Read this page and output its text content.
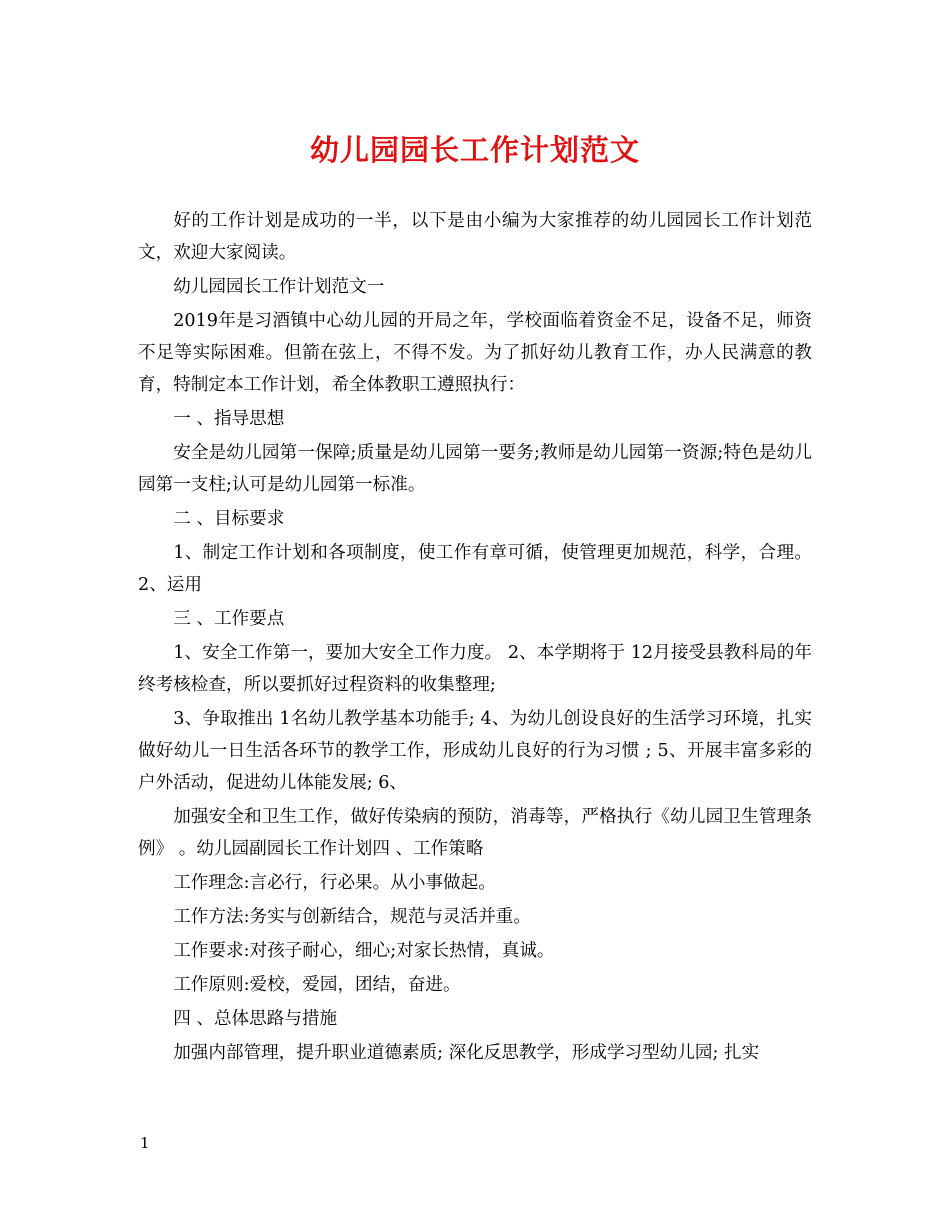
幼儿园园长工作计划范文

好的工作计划是成功的一半，以下是由小编为大家推荐的幼儿园园长工作计划范文，欢迎大家阅读。

幼儿园园长工作计划范文一

2019年是习酒镇中心幼儿园的开局之年，学校面临着资金不足，设备不足，师资不足等实际困难。但箭在弦上，不得不发。为了抓好幼儿教育工作，办人民满意的教育，特制定本工作计划，希全体教职工遵照执行：

一 、指导思想

安全是幼儿园第一保障;质量是幼儿园第一要务;教师是幼儿园第一资源;特色是幼儿园第一支柱;认可是幼儿园第一标准。

二 、目标要求

1、制定工作计划和各项制度，使工作有章可循，使管理更加规范，科学，合理。 2、运用

三 、工作要点

1、安全工作第一，要加大安全工作力度。 2、本学期将于 12月接受县教科局的年终考核检查，所以要抓好过程资料的收集整理;

3、争取推出 1名幼儿教学基本功能手; 4、为幼儿创设良好的生活学习环境，扎实做好幼儿一日生活各环节的教学工作，形成幼儿良好的行为习惯 ; 5、开展丰富多彩的户外活动，促进幼儿体能发展; 6、

加强安全和卫生工作，做好传染病的预防，消毒等，严格执行《幼儿园卫生管理条例》 。幼儿园副园长工作计划四 、工作策略

工作理念:言必行，行必果。从小事做起。

工作方法:务实与创新结合，规范与灵活并重。

工作要求:对孩子耐心，细心;对家长热情，真诚。

工作原则:爱校，爱园，团结，奋进。

四 、总体思路与措施

加强内部管理，提升职业道德素质; 深化反思教学，形成学习型幼儿园; 扎实

1
